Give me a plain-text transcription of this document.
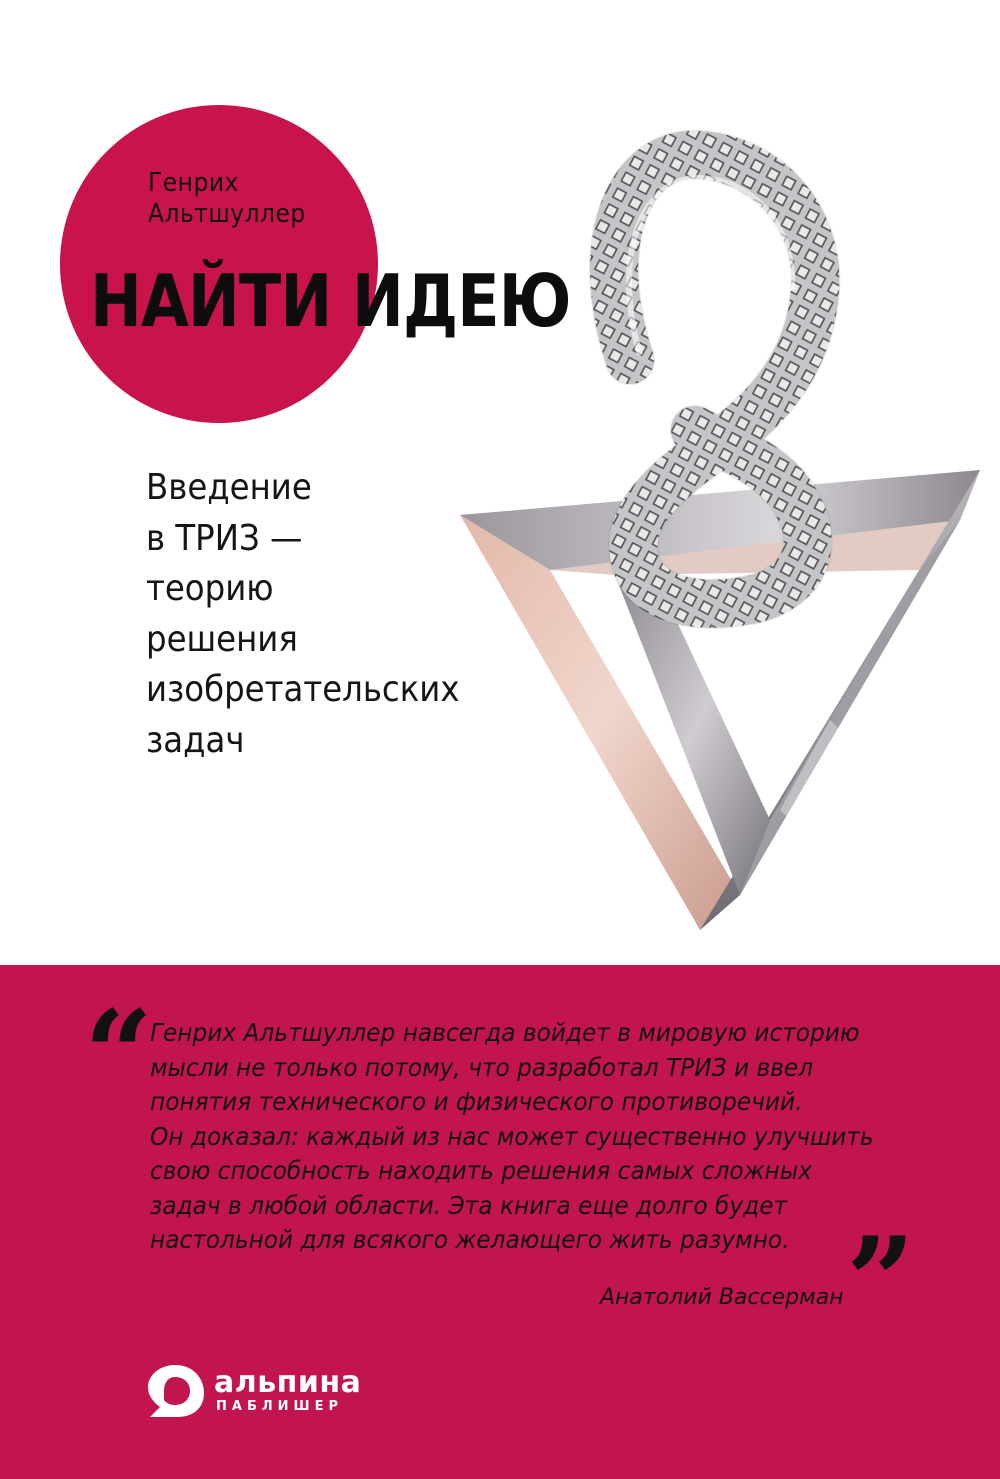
Генрих
Альтшуллер
НАЙТИ ИДЕЮ
Введение
в ТРИЗ —
теорию
решения
изобретательских
задач
“
Генрих Альтшуллер навсегда войдет в мировую историю
мысли не только потому, что разработал ТРИЗ и ввел
понятия технического и физического противоречий.
Он доказал: каждый из нас может существенно улучшить
свою способность находить решения самых сложных
задач в любой области. Эта книга еще долго будет
настольной для всякого желающего жить разумно. ”
Анатолий Вассерман
альпина
ПАБЛИШЕР
